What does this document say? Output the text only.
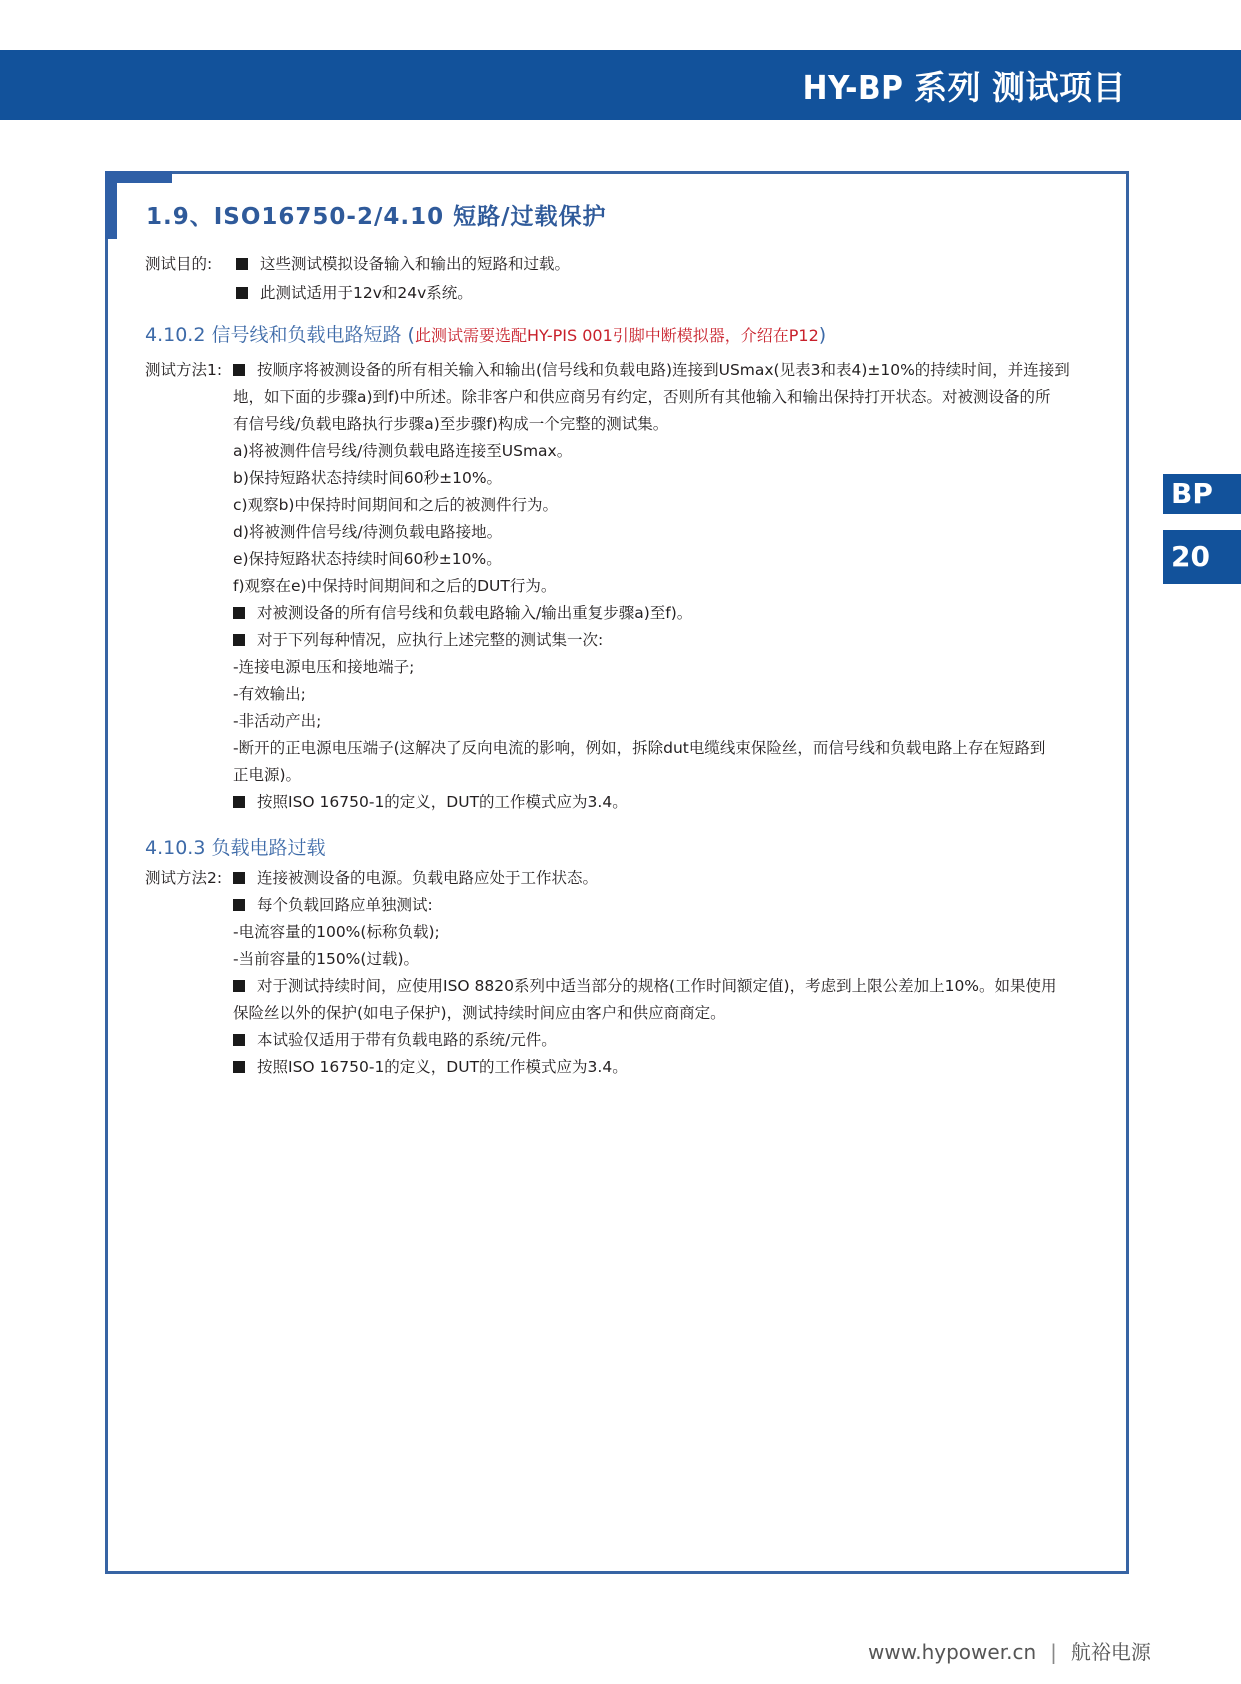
HY-BP 系列 测试项目
BP
20
1.9、ISO16750-2/4.10 短路/过载保护
测试目的:	这些测试模拟设备输入和输出的短路和过载。
此测试适用于12v和24v系统。
4.10.2 信号线和负载电路短路 (此测试需要选配HY-PIS 001引脚中断模拟器，介绍在P12)
测试方法1:	按顺序将被测设备的所有相关输入和输出(信号线和负载电路)连接到USmax(见表3和表4)±10%的持续时间，并连接到
地，如下面的步骤a)到f)中所述。除非客户和供应商另有约定，否则所有其他输入和输出保持打开状态。对被测设备的所
有信号线/负载电路执行步骤a)至步骤f)构成一个完整的测试集。
a)将被测件信号线/待测负载电路连接至USmax。
b)保持短路状态持续时间60秒±10%。
c)观察b)中保持时间期间和之后的被测件行为。
d)将被测件信号线/待测负载电路接地。
e)保持短路状态持续时间60秒±10%。
f)观察在e)中保持时间期间和之后的DUT行为。
对被测设备的所有信号线和负载电路输入/输出重复步骤a)至f)。
对于下列每种情况，应执行上述完整的测试集一次:
-连接电源电压和接地端子;
-有效输出;
-非活动产出;
-断开的正电源电压端子(这解决了反向电流的影响，例如，拆除dut电缆线束保险丝，而信号线和负载电路上存在短路到
正电源)。
按照ISO 16750-1的定义，DUT的工作模式应为3.4。
4.10.3 负载电路过载
测试方法2:	连接被测设备的电源。负载电路应处于工作状态。
每个负载回路应单独测试:
-电流容量的100%(标称负载);
-当前容量的150%(过载)。
对于测试持续时间，应使用ISO 8820系列中适当部分的规格(工作时间额定值)，考虑到上限公差加上10%。如果使用
保险丝以外的保护(如电子保护)，测试持续时间应由客户和供应商商定。
本试验仅适用于带有负载电路的系统/元件。
按照ISO 16750-1的定义，DUT的工作模式应为3.4。
www.hypower.cn | 航裕电源
